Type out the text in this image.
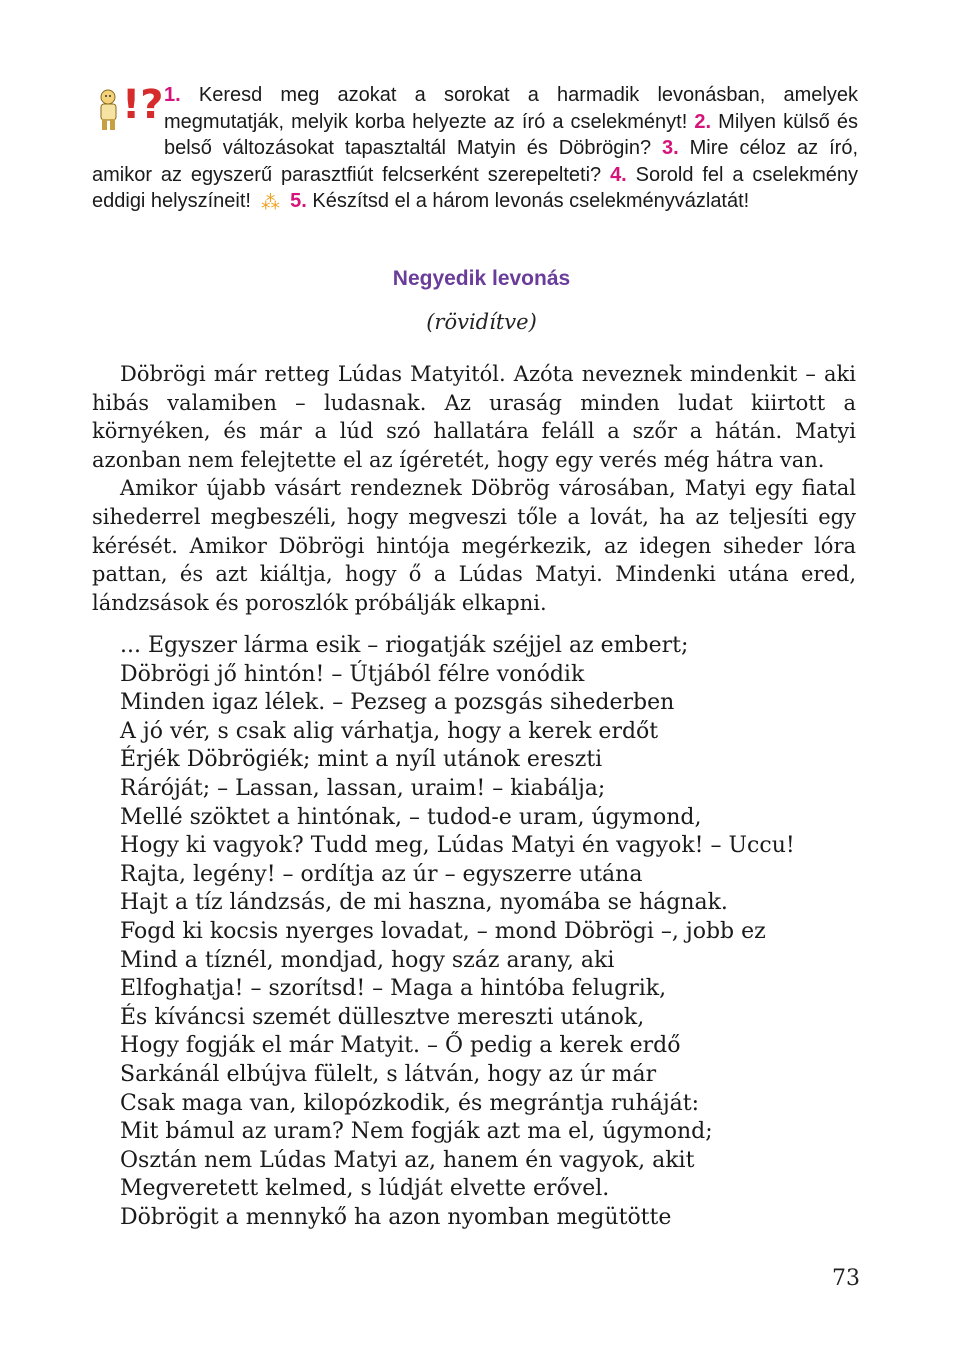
!? 1. Keresd meg azokat a sorokat a harmadik levonásban, amelyek megmutatják, melyik korba helyezte az író a cselekményt! 2. Milyen külső és belső változásokat tapasztaltál Matyin és Döbrögin? 3. Mire céloz az író, amikor az egyszerű parasztfiút felcserként szerepelteti? 4. Sorold fel a cselekmény eddigi helyszíneit! ⁂ 5. Készítsd el a három levonás cselekményvázlatát!
Negyedik levonás
(rövidítve)

Döbrögi már retteg Lúdas Matyitól. Azóta neveznek mindenkit – aki hibás valamiben – ludasnak. Az uraság minden ludat kiirtott a környéken, és már a lúd szó hallatára feláll a szőr a hátán. Matyi azonban nem felejtette el az ígéretét, hogy egy verés még hátra van.

Amikor újabb vásárt rendeznek Döbrög városában, Matyi egy fiatal sihederrel megbeszéli, hogy megveszi tőle a lovát, ha az teljesíti egy kérését. Amikor Döbrögi hintója megérkezik, az idegen siheder lóra pattan, és azt kiáltja, hogy ő a Lúdas Matyi. Mindenki utána ered, lándzsások és poroszlók próbálják elkapni.

... Egyszer lárma esik – riogatják széjjel az embert;
Döbrögi jő hintón! – Útjából félre vonódik
Minden igaz lélek. – Pezseg a pozsgás sihederben
A jó vér, s csak alig várhatja, hogy a kerek erdőt
Érjék Döbrögiék; mint a nyíl utánok ereszti
Ráróját; – Lassan, lassan, uraim! – kiabálja;
Mellé szöktet a hintónak, – tudod-e uram, úgymond,
Hogy ki vagyok? Tudd meg, Lúdas Matyi én vagyok! – Uccu!
Rajta, legény! – ordítja az úr – egyszerre utána
Hajt a tíz lándzsás, de mi haszna, nyomába se hágnak.
Fogd ki kocsis nyerges lovadat, – mond Döbrögi –, jobb ez
Mind a tíznél, mondjad, hogy száz arany, aki
Elfoghatja! – szorítsd! – Maga a hintóba felugrik,
És kíváncsi szemét düllesztve mereszti utánok,
Hogy fogják el már Matyit. – Ő pedig a kerek erdő
Sarkánál elbújva fülelt, s látván, hogy az úr már
Csak maga van, kilopózkodik, és megrántja ruháját:
Mit bámul az uram? Nem fogják azt ma el, úgymond;
Osztán nem Lúdas Matyi az, hanem én vagyok, akit
Megveretett kelmed, s lúdját elvette erővel.
Döbrögit a mennykő ha azon nyomban megütötte
73
